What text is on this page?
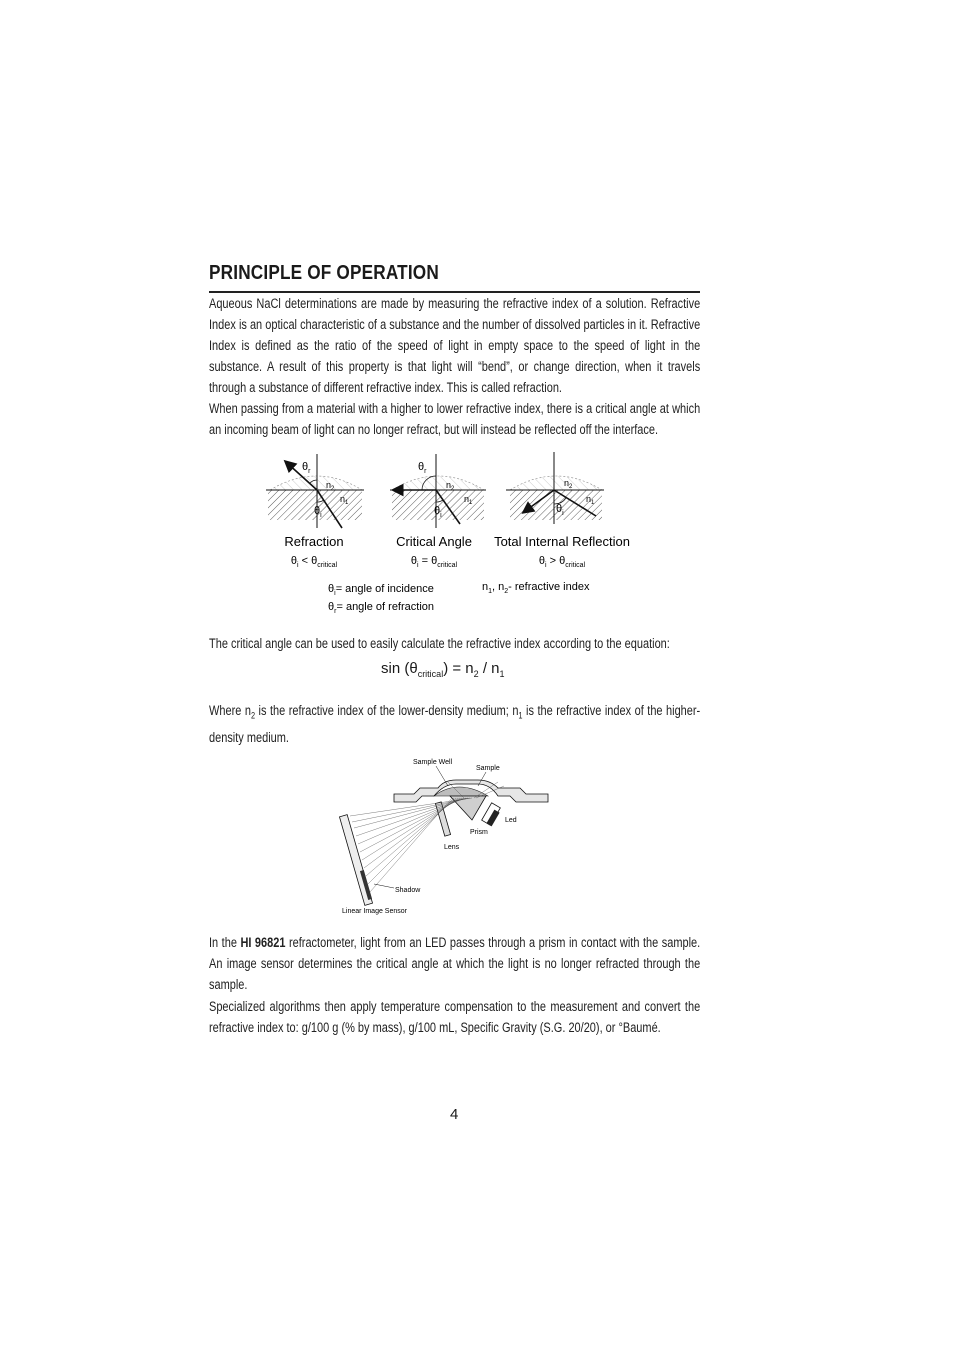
PRINCIPLE OF OPERATION
Aqueous NaCl determinations are made by measuring the refractive index of a solution. Refractive Index is an optical characteristic of a substance and the number of dissolved particles in it. Refractive Index is defined as the ratio of the speed of light in empty space to the speed of light in the substance. A result of this property is that light will “bend”, or change direction, when it travels through a substance of different refractive index. This is called refraction.
When passing from a material with a higher to lower refractive index, there is a critical angle at which an incoming beam of light can no longer refract, but will instead be reflected off the interface.
$\theta_r$
$n_2$
$n_1$
$\theta_i$
Refraction
$\theta_i < \theta_{critical}$
$\theta_r$
$n_2$
$n_1$
$\theta_i$
Critical Angle
$\theta_i = \theta_{critical}$
$n_2$
$n_1$
$\theta_i$
Total Internal Reflection
$\theta_i > \theta_{critical}$
$\theta_i=$ angle of incidence
$\theta_r=$ angle of refraction
$n_1$, $n_2-$ refractive index
The critical angle can be used to easily calculate the refractive index according to the equation:
$\sin (\theta_{critical}) = n_2 / n_1$
Where $n_2$ is the refractive index of the lower-density medium; $n_1$ is the refractive index of the higher-density medium.
Sample Well
Sample
Led
Prism
Lens
Shadow
Linear Image Sensor
In the HI 96821 refractometer, light from an LED passes through a prism in contact with the sample. An image sensor determines the critical angle at which the light is no longer refracted through the sample.
Specialized algorithms then apply temperature compensation to the measurement and convert the refractive index to: g/100 g (% by mass), g/100 mL, Specific Gravity (S.G. 20/20), or °Baumé.
4
